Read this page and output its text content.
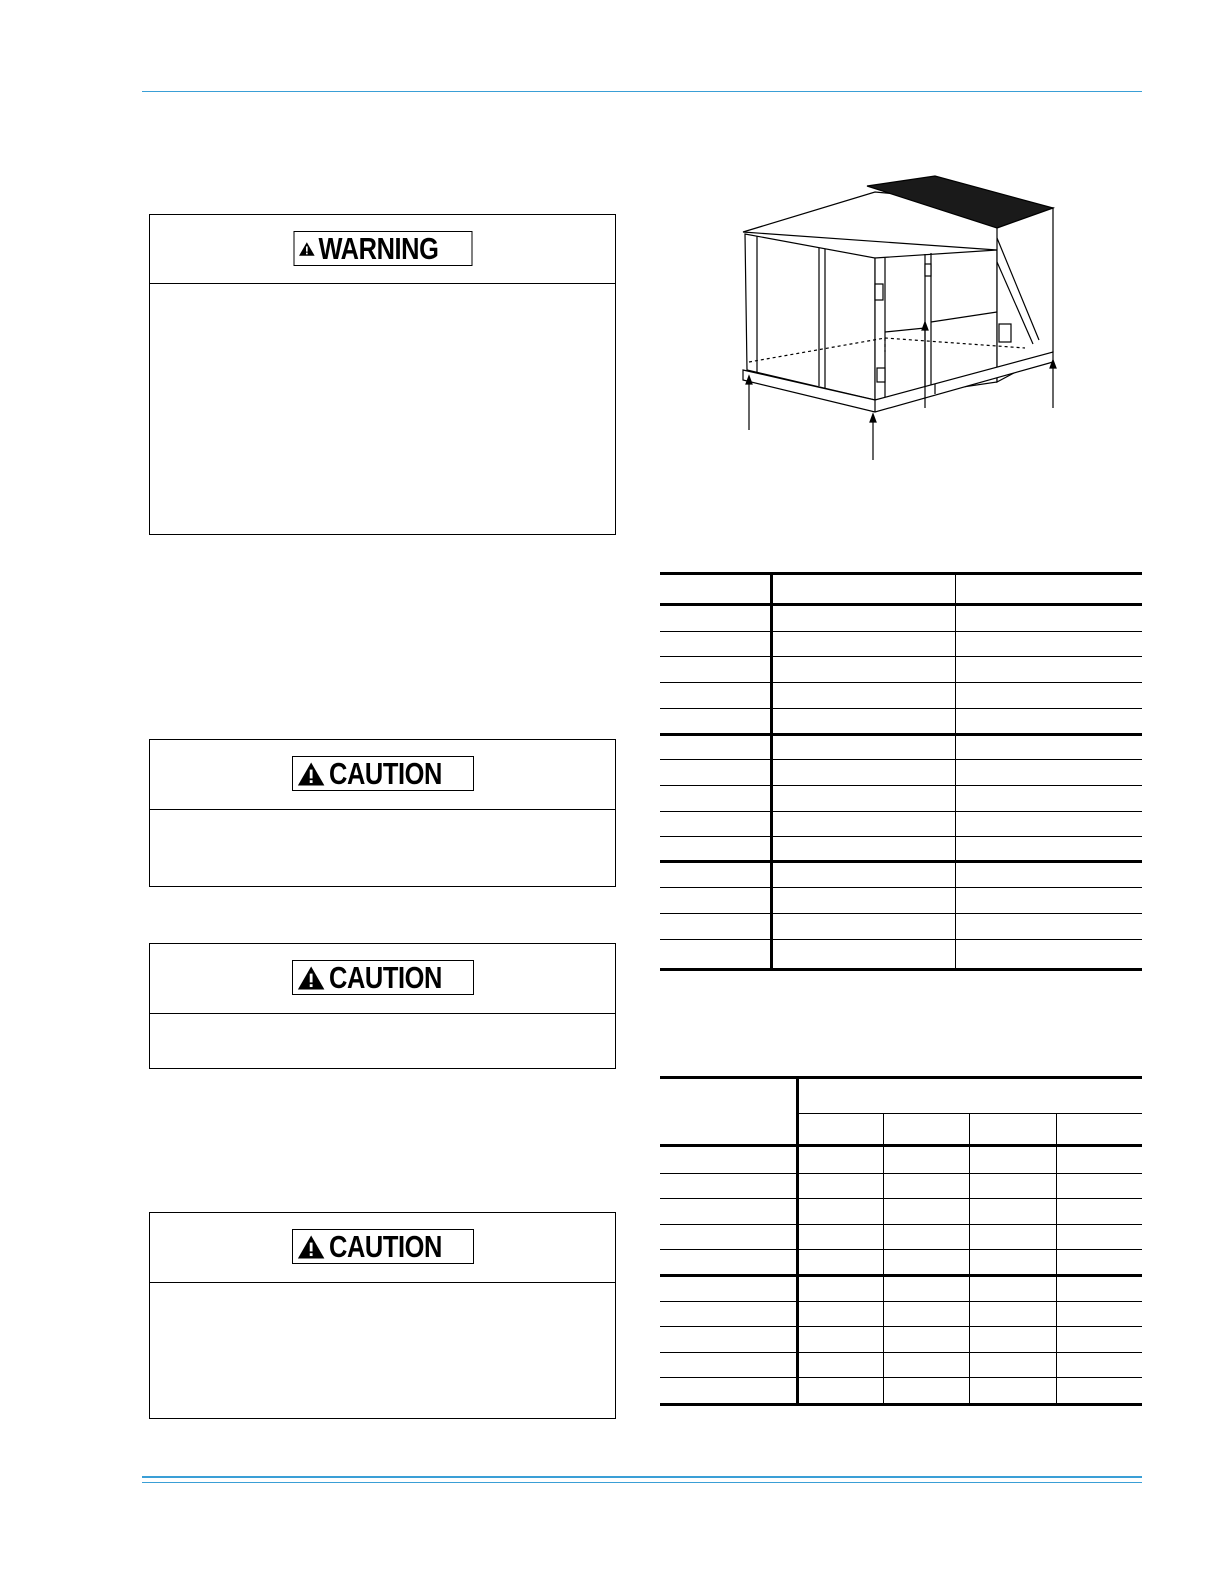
WARNING
CAUTION
CAUTION
CAUTION
